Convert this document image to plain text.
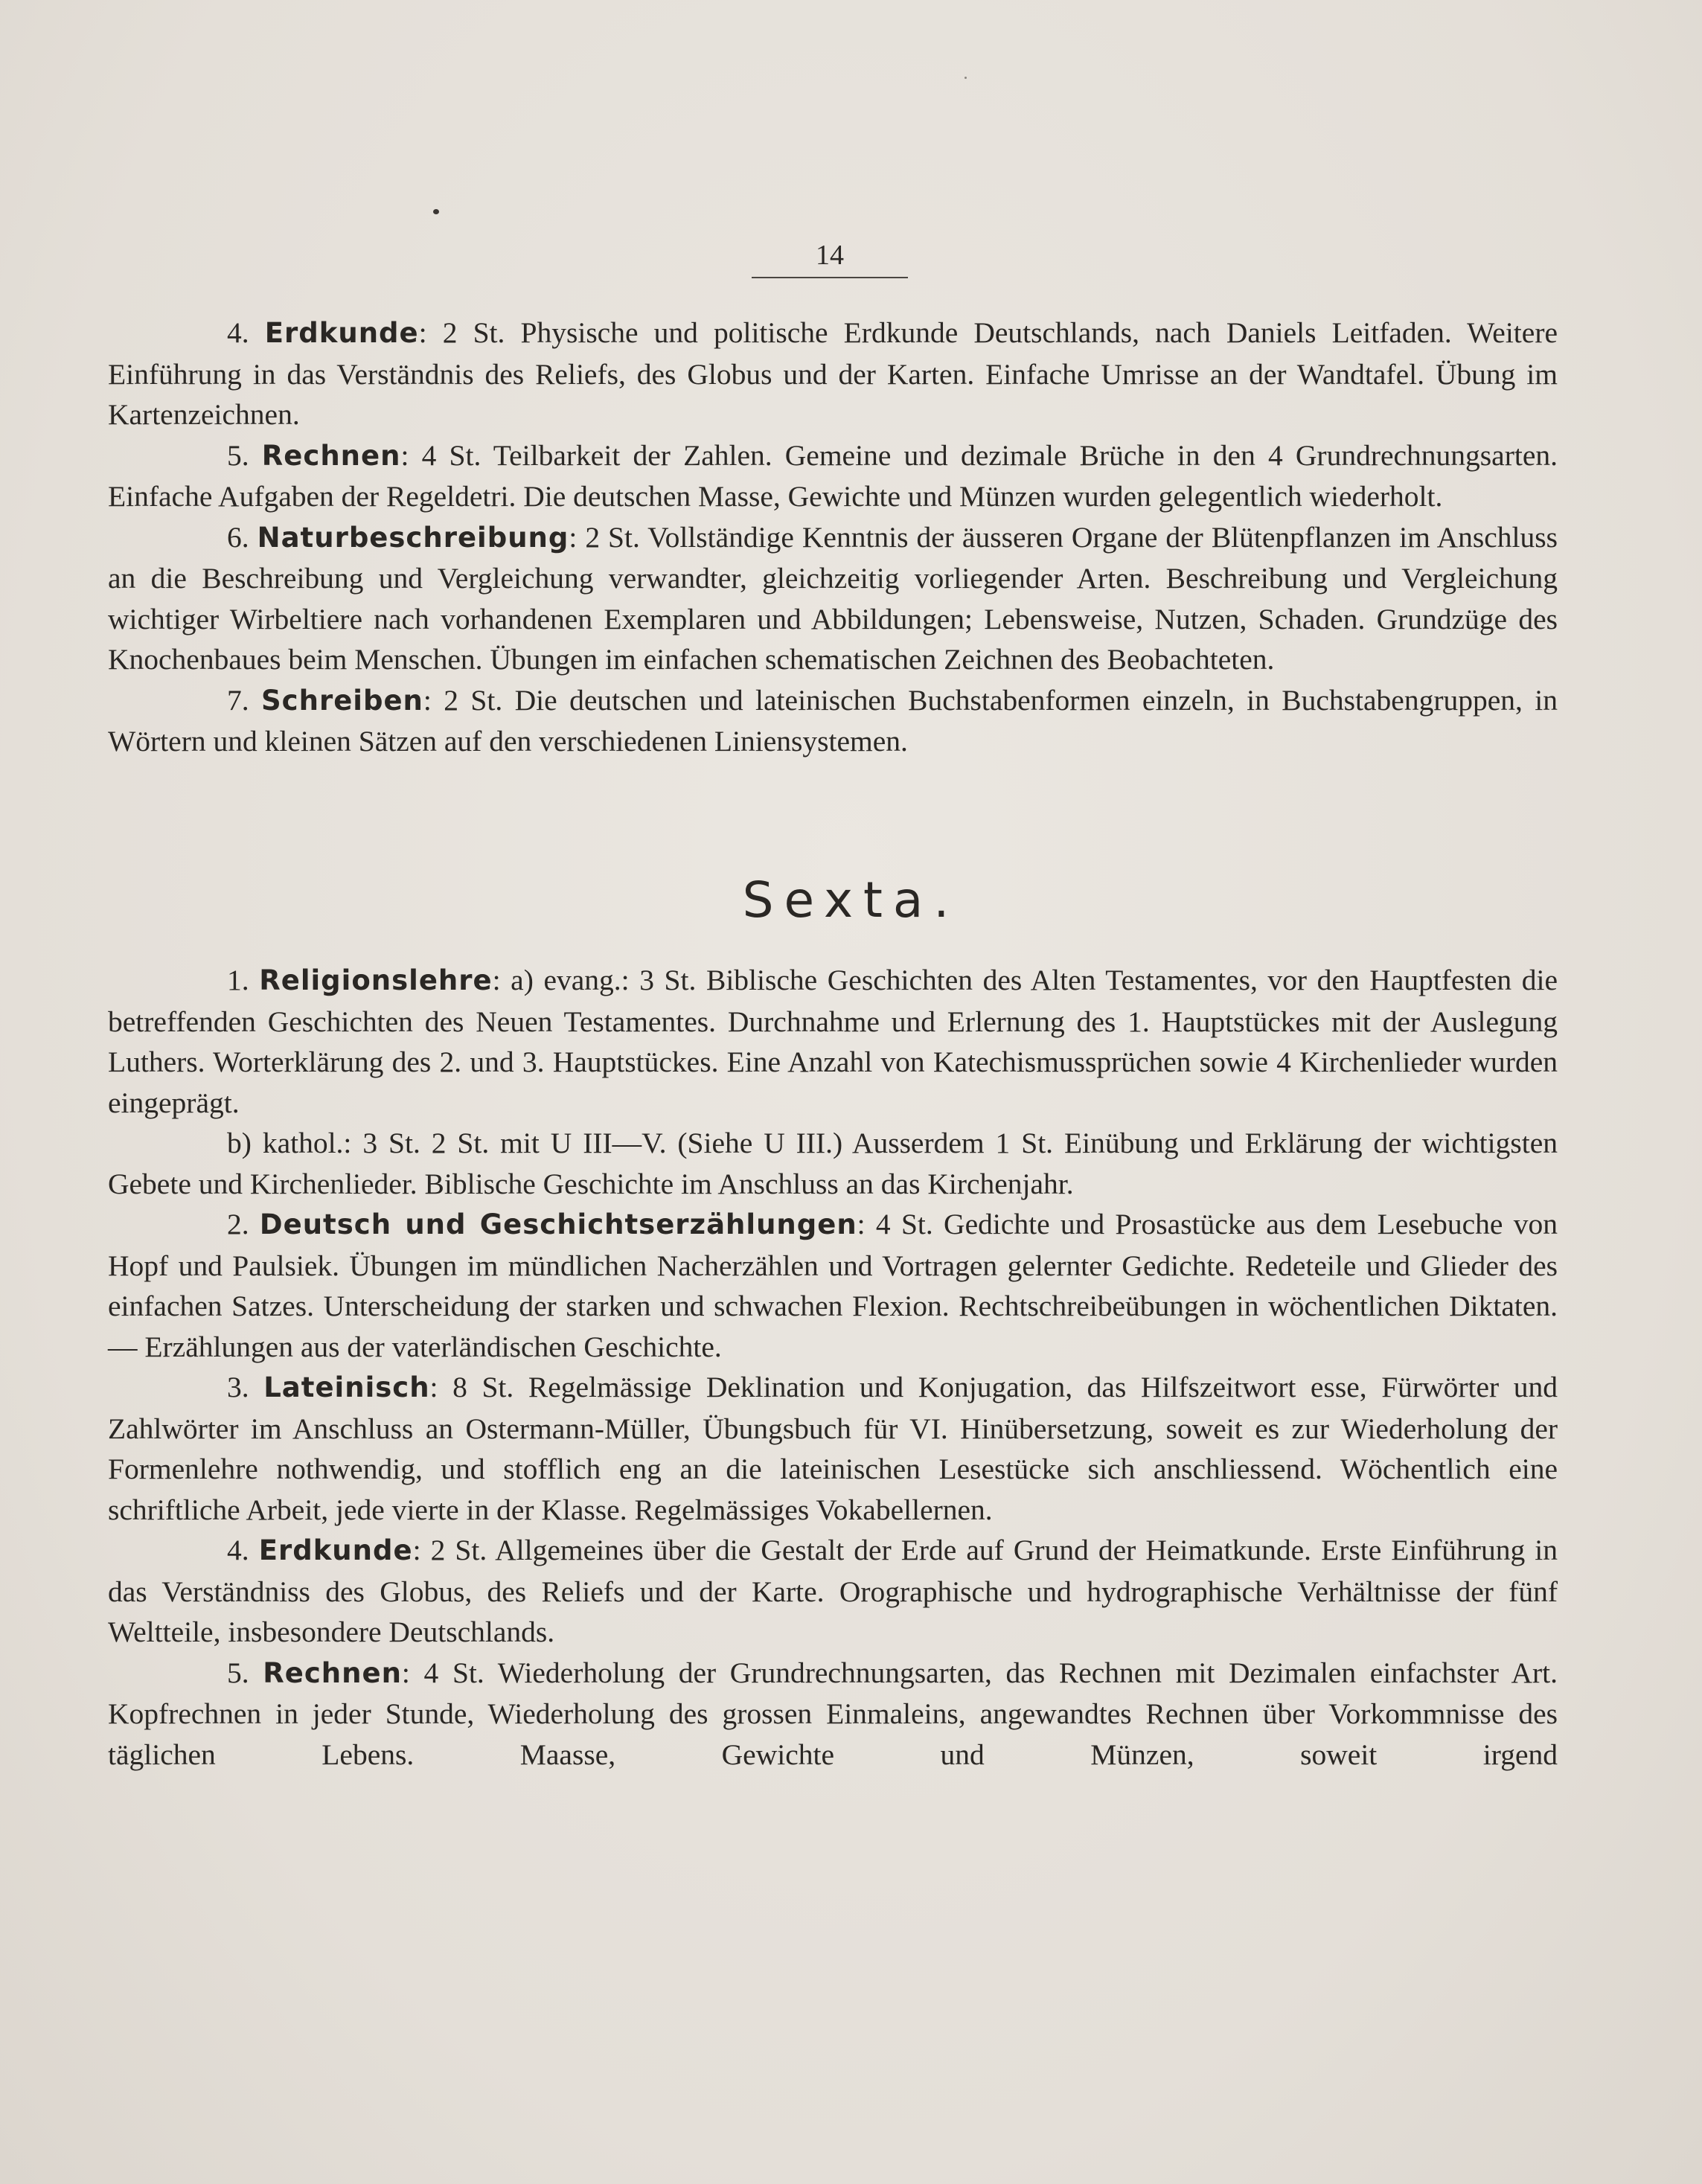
14

4. Erdkunde: 2 St. Physische und politische Erdkunde Deutschlands, nach Daniels Leitfaden. Weitere Einführung in das Verständnis des Reliefs, des Globus und der Karten. Einfache Umrisse an der Wandtafel. Übung im Kartenzeichnen.

5. Rechnen: 4 St. Teilbarkeit der Zahlen. Gemeine und dezimale Brüche in den 4 Grundrechnungsarten. Einfache Aufgaben der Regeldetri. Die deutschen Masse, Gewichte und Münzen wurden gelegentlich wiederholt.

6. Naturbeschreibung: 2 St. Vollständige Kenntnis der äusseren Organe der Blütenpflanzen im Anschluss an die Beschreibung und Vergleichung verwandter, gleichzeitig vorliegender Arten. Beschreibung und Vergleichung wichtiger Wirbeltiere nach vorhandenen Exemplaren und Abbildungen; Lebensweise, Nutzen, Schaden. Grundzüge des Knochenbaues beim Menschen. Übungen im einfachen schematischen Zeichnen des Beobachteten.

7. Schreiben: 2 St. Die deutschen und lateinischen Buchstabenformen einzeln, in Buchstabengruppen, in Wörtern und kleinen Sätzen auf den verschiedenen Liniensystemen.

Sexta.

1. Religionslehre: a) evang.: 3 St. Biblische Geschichten des Alten Testamentes, vor den Hauptfesten die betreffenden Geschichten des Neuen Testamentes. Durchnahme und Erlernung des 1. Hauptstückes mit der Auslegung Luthers. Worterklärung des 2. und 3. Hauptstückes. Eine Anzahl von Katechismussprüchen sowie 4 Kirchenlieder wurden eingeprägt.

b) kathol.: 3 St. 2 St. mit U III—V. (Siehe U III.) Ausserdem 1 St. Einübung und Erklärung der wichtigsten Gebete und Kirchenlieder. Biblische Geschichte im Anschluss an das Kirchenjahr.

2. Deutsch und Geschichtserzählungen: 4 St. Gedichte und Prosastücke aus dem Lesebuche von Hopf und Paulsiek. Übungen im mündlichen Nacherzählen und Vortragen gelernter Gedichte. Redeteile und Glieder des einfachen Satzes. Unterscheidung der starken und schwachen Flexion. Rechtschreibeübungen in wöchentlichen Diktaten. — Erzählungen aus der vaterländischen Geschichte.

3. Lateinisch: 8 St. Regelmässige Deklination und Konjugation, das Hilfszeitwort esse, Fürwörter und Zahlwörter im Anschluss an Ostermann-Müller, Übungsbuch für VI. Hinübersetzung, soweit es zur Wiederholung der Formenlehre nothwendig, und stofflich eng an die lateinischen Lesestücke sich anschliessend. Wöchentlich eine schriftliche Arbeit, jede vierte in der Klasse. Regelmässiges Vokabellernen.

4. Erdkunde: 2 St. Allgemeines über die Gestalt der Erde auf Grund der Heimatkunde. Erste Einführung in das Verständniss des Globus, des Reliefs und der Karte. Orographische und hydrographische Verhältnisse der fünf Weltteile, insbesondere Deutschlands.

5. Rechnen: 4 St. Wiederholung der Grundrechnungsarten, das Rechnen mit Dezimalen einfachster Art. Kopfrechnen in jeder Stunde, Wiederholung des grossen Einmaleins, angewandtes Rechnen über Vorkommnisse des täglichen Lebens. Maasse, Gewichte und Münzen, soweit irgend
